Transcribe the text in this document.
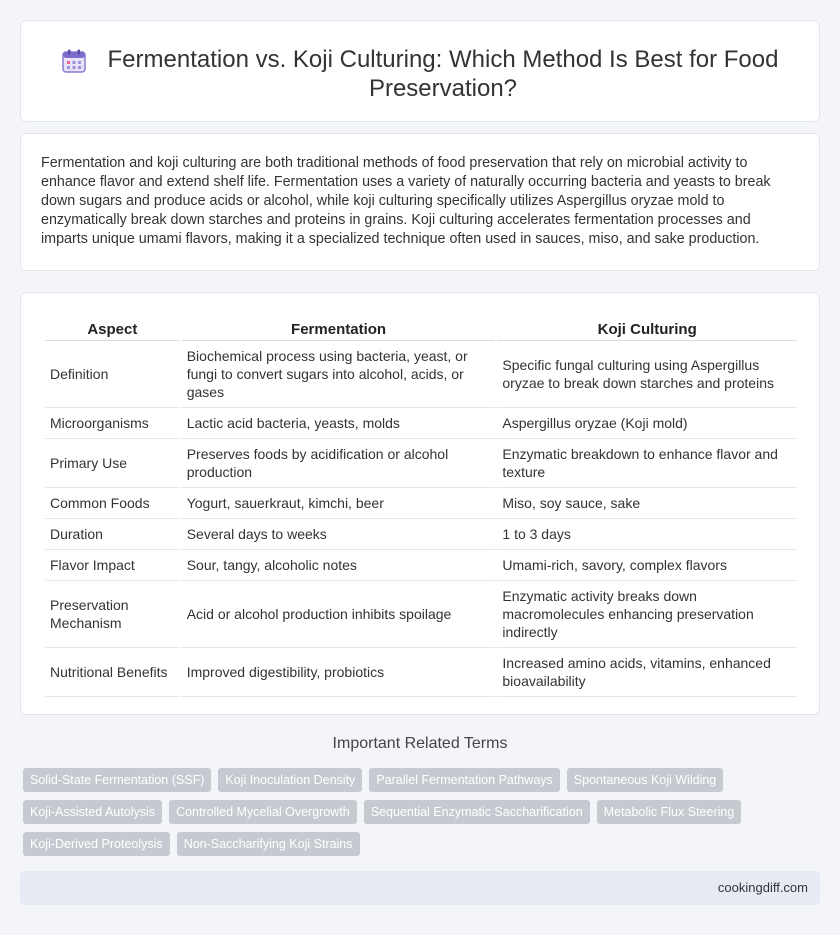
Fermentation vs. Koji Culturing: Which Method Is Best for Food Preservation?

Fermentation and koji culturing are both traditional methods of food preservation that rely on microbial activity to enhance flavor and extend shelf life. Fermentation uses a variety of naturally occurring bacteria and yeasts to break down sugars and produce acids or alcohol, while koji culturing specifically utilizes Aspergillus oryzae mold to enzymatically break down starches and proteins in grains. Koji culturing accelerates fermentation processes and imparts unique umami flavors, making it a specialized technique often used in sauces, miso, and sake production.

Aspect	Fermentation	Koji Culturing
Definition	Biochemical process using bacteria, yeast, or fungi to convert sugars into alcohol, acids, or gases	Specific fungal culturing using Aspergillus oryzae to break down starches and proteins
Microorganisms	Lactic acid bacteria, yeasts, molds	Aspergillus oryzae (Koji mold)
Primary Use	Preserves foods by acidification or alcohol production	Enzymatic breakdown to enhance flavor and texture
Common Foods	Yogurt, sauerkraut, kimchi, beer	Miso, soy sauce, sake
Duration	Several days to weeks	1 to 3 days
Flavor Impact	Sour, tangy, alcoholic notes	Umami-rich, savory, complex flavors
Preservation Mechanism	Acid or alcohol production inhibits spoilage	Enzymatic activity breaks down macromolecules enhancing preservation indirectly
Nutritional Benefits	Improved digestibility, probiotics	Increased amino acids, vitamins, enhanced bioavailability
Important Related Terms
Solid-State Fermentation (SSF)	Koji Inoculation Density	Parallel Fermentation Pathways	Spontaneous Koji Wilding
Koji-Assisted Autolysis	Controlled Mycelial Overgrowth	Sequential Enzymatic Saccharification	Metabolic Flux Steering
Koji-Derived Proteolysis	Non-Saccharifying Koji Strains
cookingdiff.com
